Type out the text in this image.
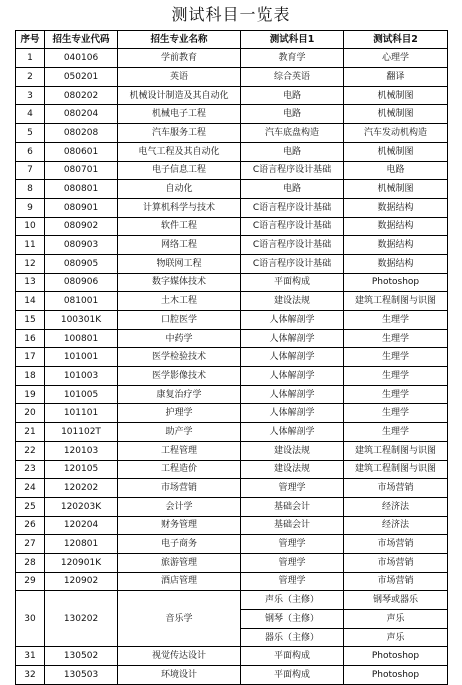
测试科目一览表
序号	招生专业代码	招生专业名称	测试科目1	测试科目2
1	040106	学前教育	教育学	心理学
2	050201	英语	综合英语	翻译
3	080202	机械设计制造及其自动化	电路	机械制图
4	080204	机械电子工程	电路	机械制图
5	080208	汽车服务工程	汽车底盘构造	汽车发动机构造
6	080601	电气工程及其自动化	电路	机械制图
7	080701	电子信息工程	C语言程序设计基础	电路
8	080801	自动化	电路	机械制图
9	080901	计算机科学与技术	C语言程序设计基础	数据结构
10	080902	软件工程	C语言程序设计基础	数据结构
11	080903	网络工程	C语言程序设计基础	数据结构
12	080905	物联网工程	C语言程序设计基础	数据结构
13	080906	数字媒体技术	平面构成	Photoshop
14	081001	土木工程	建设法规	建筑工程制图与识图
15	100301K	口腔医学	人体解剖学	生理学
16	100801	中药学	人体解剖学	生理学
17	101001	医学检验技术	人体解剖学	生理学
18	101003	医学影像技术	人体解剖学	生理学
19	101005	康复治疗学	人体解剖学	生理学
20	101101	护理学	人体解剖学	生理学
21	101102T	助产学	人体解剖学	生理学
22	120103	工程管理	建设法规	建筑工程制图与识图
23	120105	工程造价	建设法规	建筑工程制图与识图
24	120202	市场营销	管理学	市场营销
25	120203K	会计学	基础会计	经济法
26	120204	财务管理	基础会计	经济法
27	120801	电子商务	管理学	市场营销
28	120901K	旅游管理	管理学	市场营销
29	120902	酒店管理	管理学	市场营销
30	130202	音乐学	声乐（主修）	钢琴或器乐
			钢琴（主修）	声乐
			器乐（主修）	声乐
31	130502	视觉传达设计	平面构成	Photoshop
32	130503	环境设计	平面构成	Photoshop
